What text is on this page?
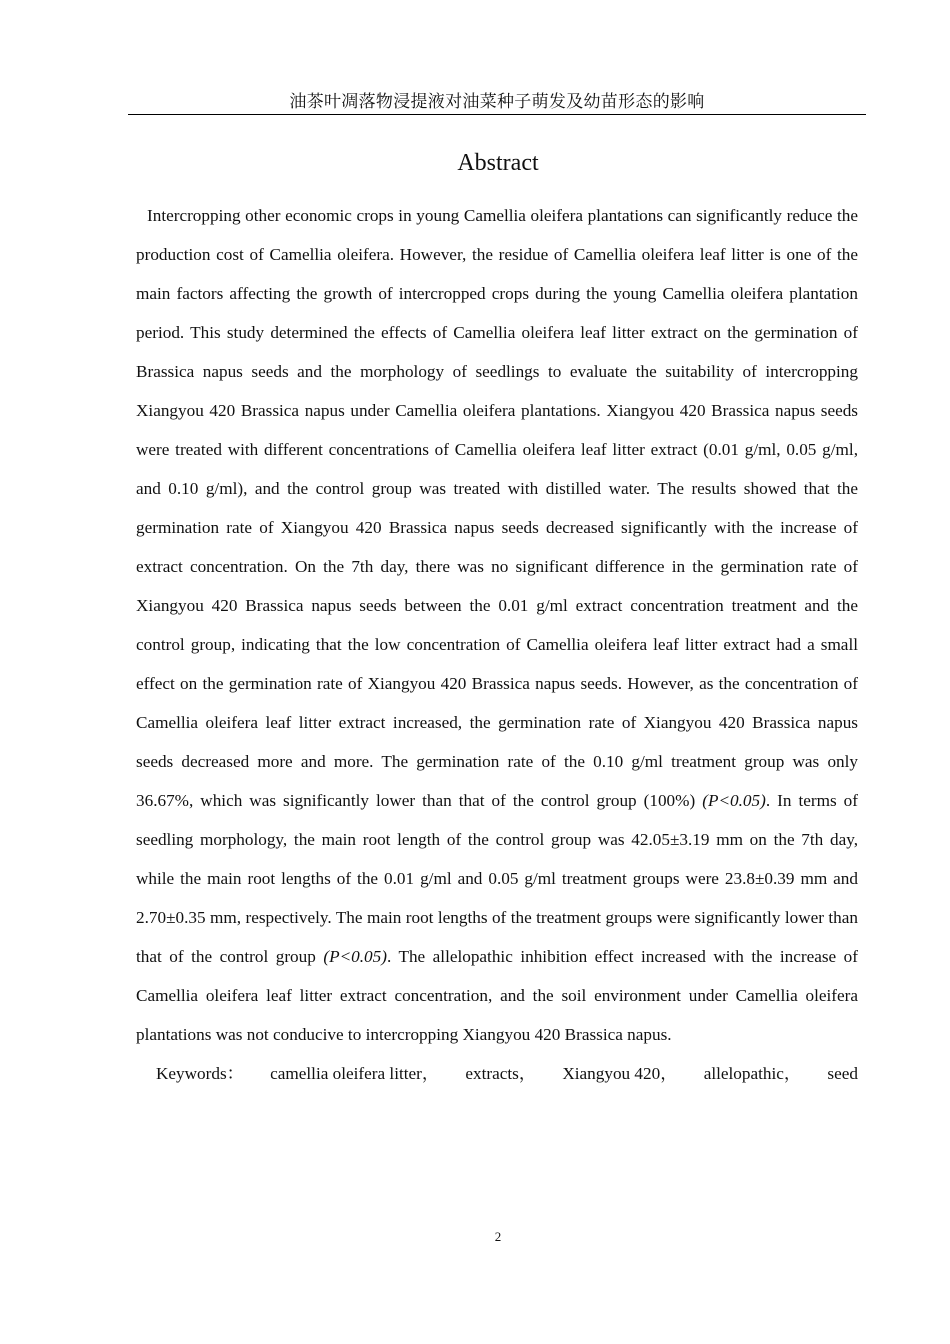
油茶叶凋落物浸提液对油菜种子萌发及幼苗形态的影响
Abstract

Intercropping other economic crops in young Camellia oleifera plantations can significantly reduce the production cost of Camellia oleifera. However, the residue of Camellia oleifera leaf litter is one of the main factors affecting the growth of intercropped crops during the young Camellia oleifera plantation period. This study determined the effects of Camellia oleifera leaf litter extract on the germination of Brassica napus seeds and the morphology of seedlings to evaluate the suitability of intercropping Xiangyou 420 Brassica napus under Camellia oleifera plantations. Xiangyou 420 Brassica napus seeds were treated with different concentrations of Camellia oleifera leaf litter extract (0.01 g/ml, 0.05 g/ml, and 0.10 g/ml), and the control group was treated with distilled water. The results showed that the germination rate of Xiangyou 420 Brassica napus seeds decreased significantly with the increase of extract concentration. On the 7th day, there was no significant difference in the germination rate of Xiangyou 420 Brassica napus seeds between the 0.01 g/ml extract concentration treatment and the control group, indicating that the low concentration of Camellia oleifera leaf litter extract had a small effect on the germination rate of Xiangyou 420 Brassica napus seeds. However, as the concentration of Camellia oleifera leaf litter extract increased, the germination rate of Xiangyou 420 Brassica napus seeds decreased more and more. The germination rate of the 0.10 g/ml treatment group was only 36.67%, which was significantly lower than that of the control group (100%) (P<0.05). In terms of seedling morphology, the main root length of the control group was 42.05±3.19 mm on the 7th day, while the main root lengths of the 0.01 g/ml and 0.05 g/ml treatment groups were 23.8±0.39 mm and 2.70±0.35 mm, respectively. The main root lengths of the treatment groups were significantly lower than that of the control group (P<0.05). The allelopathic inhibition effect increased with the increase of Camellia oleifera leaf litter extract concentration, and the soil environment under Camellia oleifera plantations was not conducive to intercropping Xiangyou 420 Brassica napus.

Keywords： camellia oleifera litter， extracts， Xiangyou 420， allelopathic， seed

2
